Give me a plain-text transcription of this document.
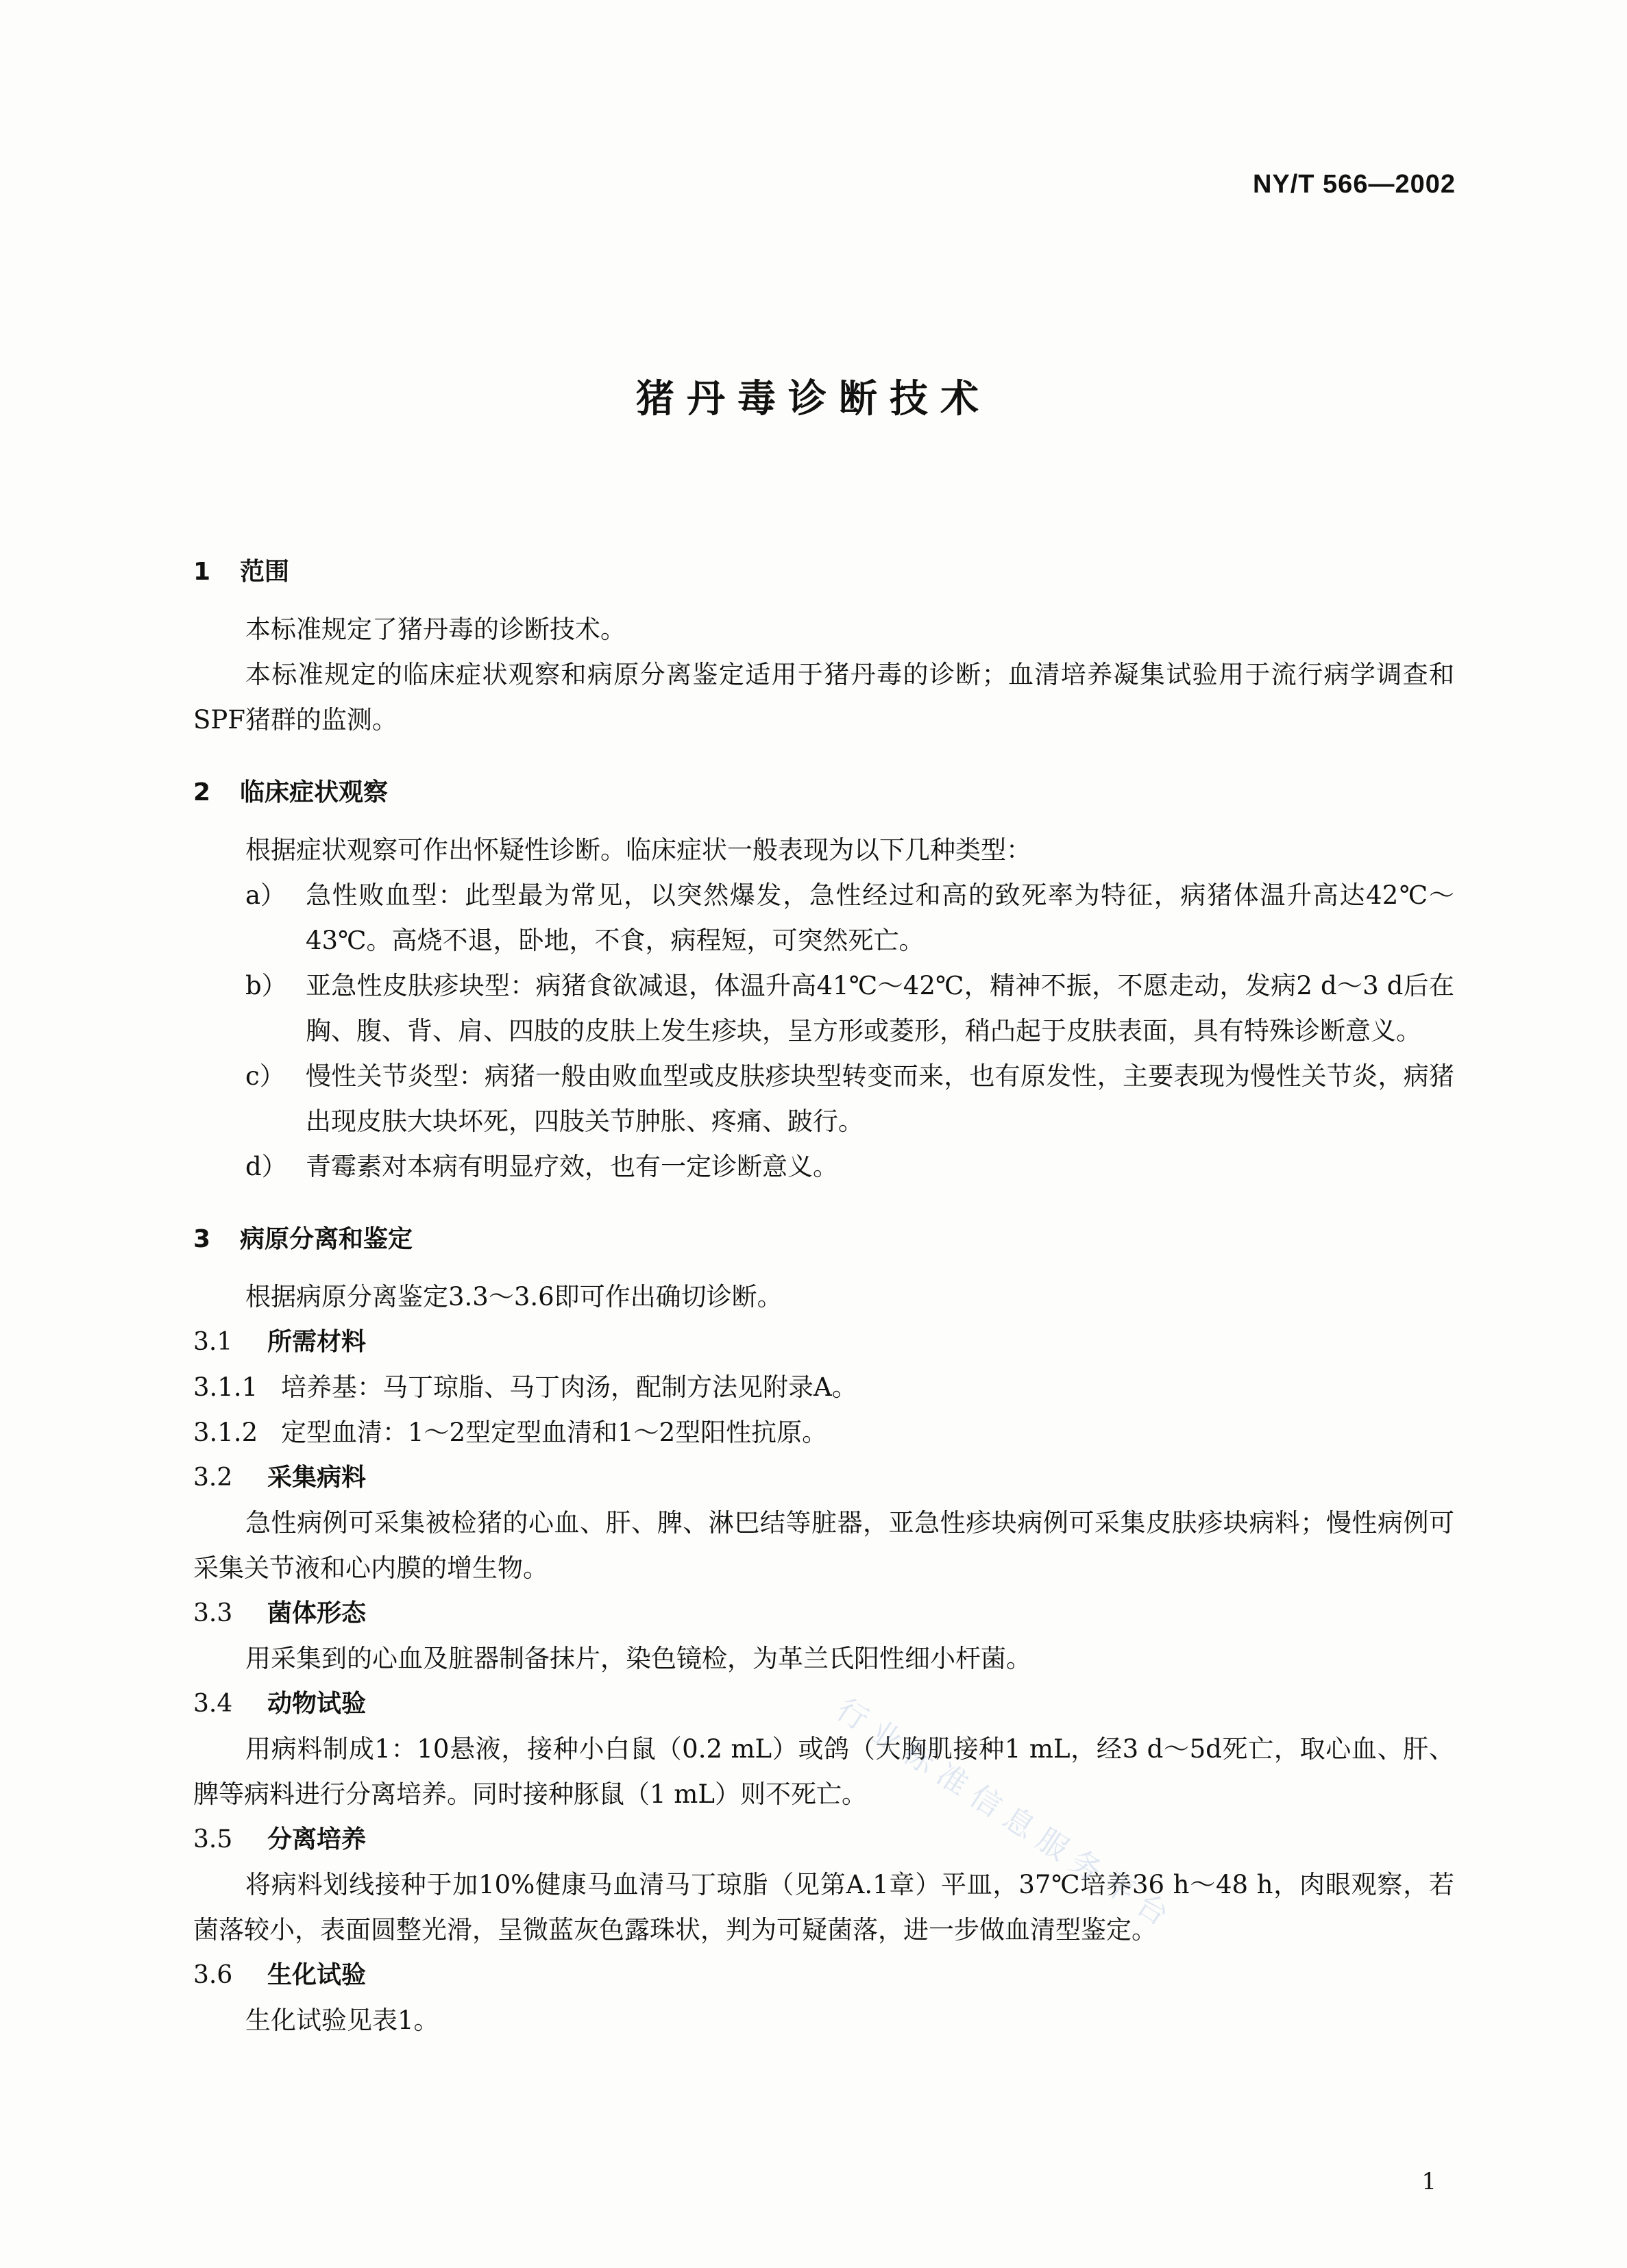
NY/T 566—2002
猪丹毒诊断技术
1 范围
本标准规定了猪丹毒的诊断技术。
本标准规定的临床症状观察和病原分离鉴定适用于猪丹毒的诊断；血清培养凝集试验用于流行病学调查和SPF猪群的监测。
2 临床症状观察
根据症状观察可作出怀疑性诊断。临床症状一般表现为以下几种类型：
a） 急性败血型：此型最为常见，以突然爆发，急性经过和高的致死率为特征，病猪体温升高达42℃～43℃。高烧不退，卧地，不食，病程短，可突然死亡。
b） 亚急性皮肤疹块型：病猪食欲减退，体温升高41℃～42℃，精神不振，不愿走动，发病2 d～3 d后在胸、腹、背、肩、四肢的皮肤上发生疹块，呈方形或菱形，稍凸起于皮肤表面，具有特殊诊断意义。
c） 慢性关节炎型：病猪一般由败血型或皮肤疹块型转变而来，也有原发性，主要表现为慢性关节炎，病猪出现皮肤大块坏死，四肢关节肿胀、疼痛、跛行。
d） 青霉素对本病有明显疗效，也有一定诊断意义。
3 病原分离和鉴定
根据病原分离鉴定3.3～3.6即可作出确切诊断。
3.1 所需材料
3.1.1 培养基：马丁琼脂、马丁肉汤，配制方法见附录A。
3.1.2 定型血清：1～2型定型血清和1～2型阳性抗原。
3.2 采集病料
急性病例可采集被检猪的心血、肝、脾、淋巴结等脏器，亚急性疹块病例可采集皮肤疹块病料；慢性病例可采集关节液和心内膜的增生物。
3.3 菌体形态
用采集到的心血及脏器制备抹片，染色镜检，为革兰氏阳性细小杆菌。
3.4 动物试验
用病料制成1：10悬液，接种小白鼠（0.2 mL）或鸽（大胸肌接种1 mL，经3 d～5d死亡，取心血、肝、脾等病料进行分离培养。同时接种豚鼠（1 mL）则不死亡。
3.5 分离培养
将病料划线接种于加10%健康马血清马丁琼脂（见第A.1章）平皿，37℃培养36 h～48 h，肉眼观察，若菌落较小，表面圆整光滑，呈微蓝灰色露珠状，判为可疑菌落，进一步做血清型鉴定。
3.6 生化试验
生化试验见表1。
行业标准信息服务平台
1
